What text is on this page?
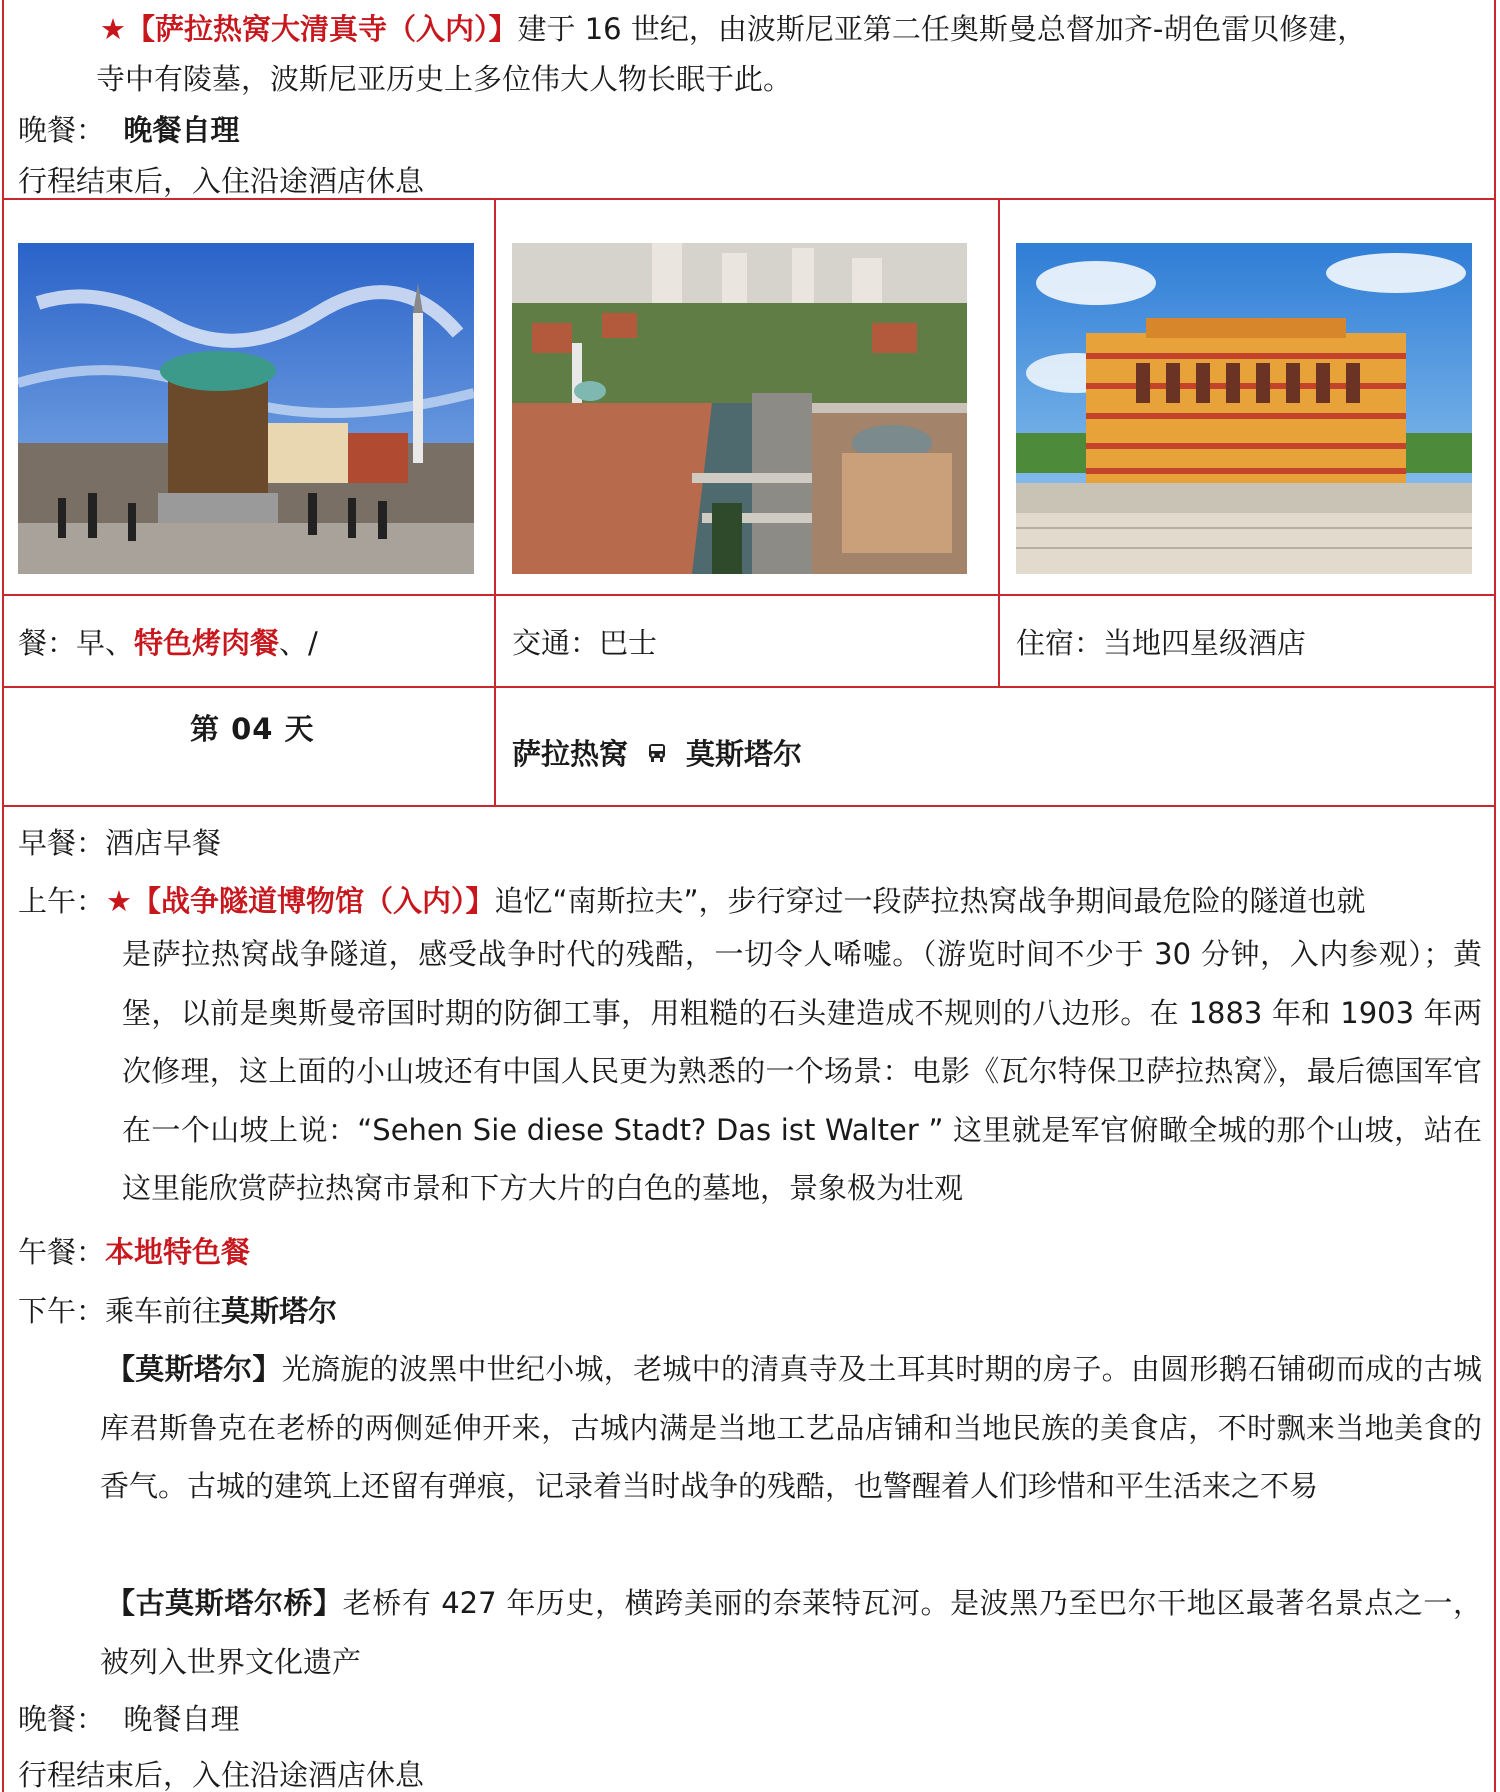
★【萨拉热窝大清真寺（入内）】建于 16 世纪，由波斯尼亚第二任奥斯曼总督加齐-胡色雷贝修建，
寺中有陵墓，波斯尼亚历史上多位伟大人物长眠于此。
晚餐： 晚餐自理
行程结束后，入住沿途酒店休息
餐：早、特色烤肉餐、/	交通：巴士	住宿：当地四星级酒店
第 04 天
萨拉热窝 莫斯塔尔
早餐：酒店早餐
上午： ★【战争隧道博物馆（入内）】追忆“南斯拉夫”，步行穿过一段萨拉热窝战争期间最危险的隧道也就
是萨拉热窝战争隧道，感受战争时代的残酷，一切令人唏嘘。（游览时间不少于 30 分钟，入内参观）；黄堡，以前是奥斯曼帝国时期的防御工事，用粗糙的石头建造成不规则的八边形。在 1883 年和 1903 年两次修理，这上面的小山坡还有中国人民更为熟悉的一个场景：电影《瓦尔特保卫萨拉热窝》，最后德国军官在一个山坡上说：“Sehen Sie diese Stadt? Das ist Walter ” 这里就是军官俯瞰全城的那个山坡，站在这里能欣赏萨拉热窝市景和下方大片的白色的墓地，景象极为壮观
午餐：本地特色餐
下午：乘车前往莫斯塔尔
【莫斯塔尔】光旖旎的波黑中世纪小城，老城中的清真寺及土耳其时期的房子。由圆形鹅石铺砌而成的古城库君斯鲁克在老桥的两侧延伸开来，古城内满是当地工艺品店铺和当地民族的美食店，不时飘来当地美食的香气。古城的建筑上还留有弹痕，记录着当时战争的残酷，也警醒着人们珍惜和平生活来之不易
【古莫斯塔尔桥】老桥有 427 年历史，横跨美丽的奈莱特瓦河。是波黑乃至巴尔干地区最著名景点之一，被列入世界文化遗产
晚餐： 晚餐自理
行程结束后，入住沿途酒店休息
